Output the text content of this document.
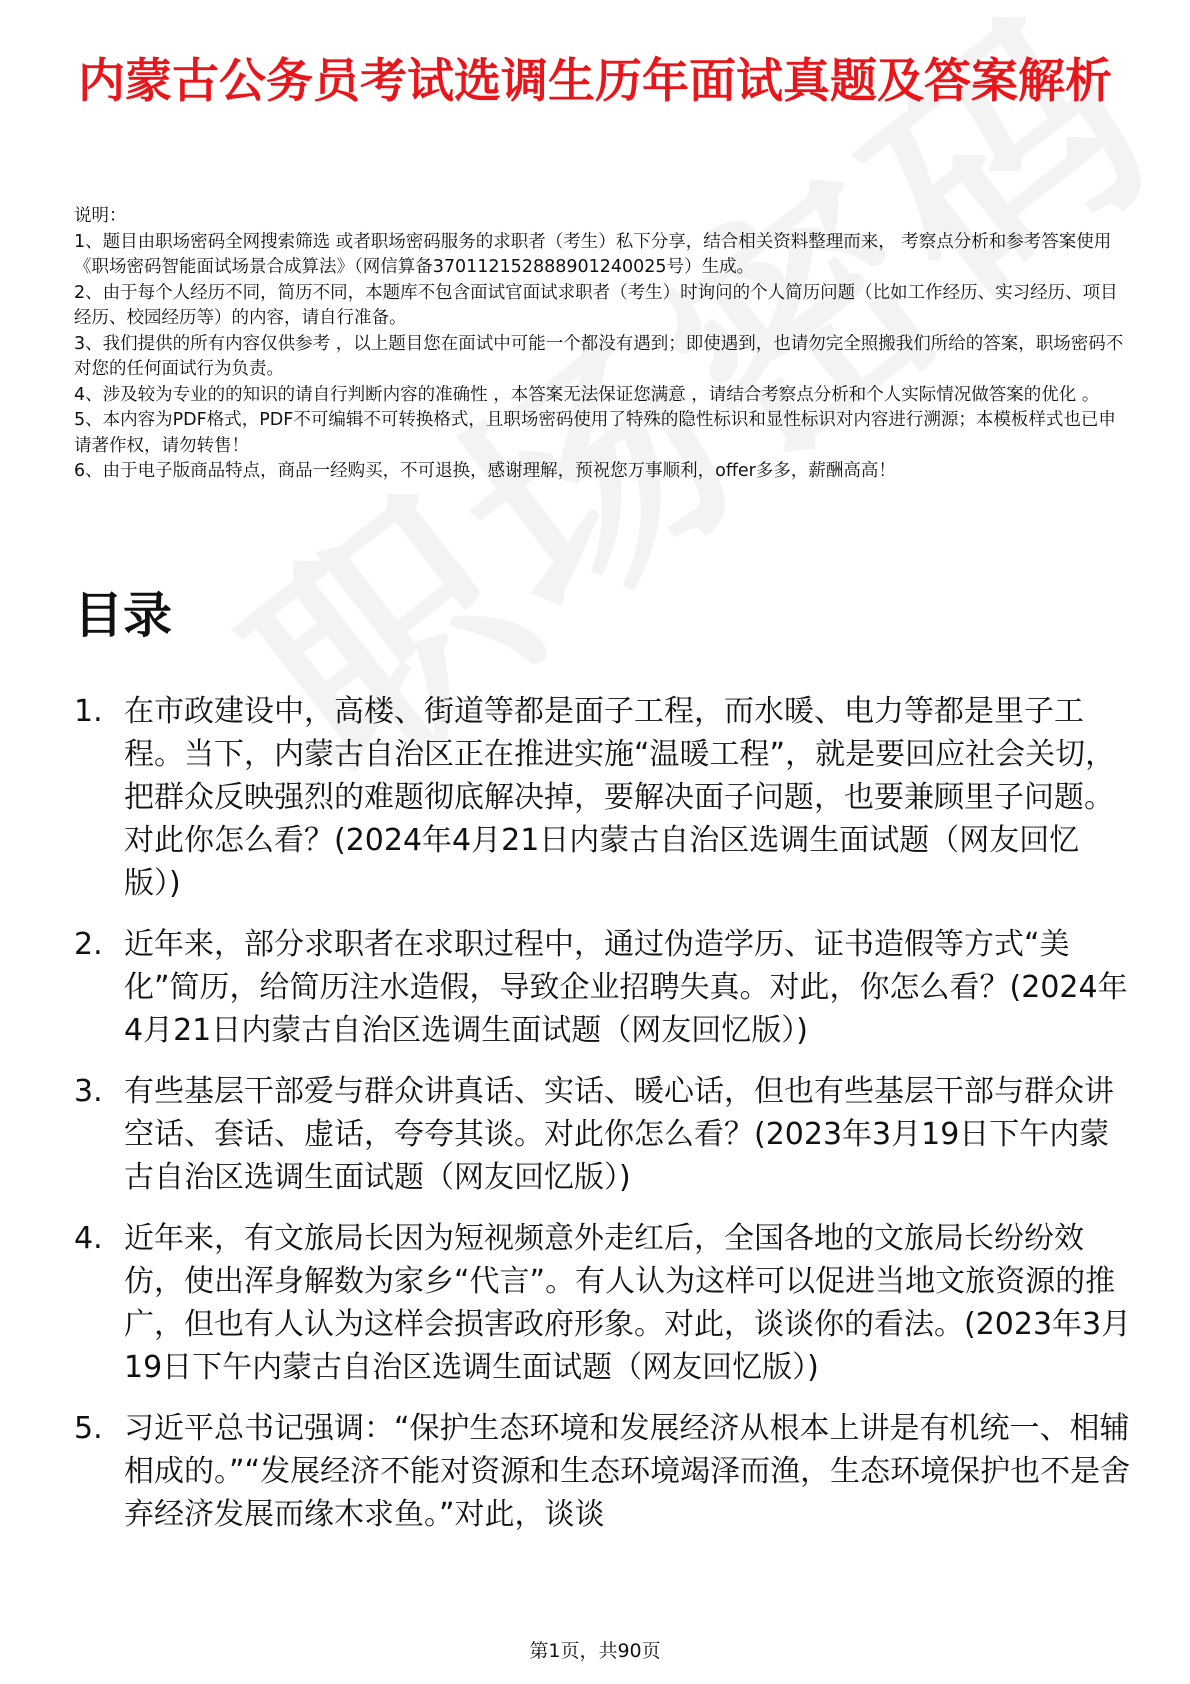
内蒙古公务员考试选调生历年面试真题及答案解析

说明：

1、题目由职场密码全网搜索筛选 或者职场密码服务的求职者（考生）私下分享，结合相关资料整理而来， 考察点分析和参考答案使用《职场密码智能面试场景合成算法》（网信算备370112152888901240025号）生成。

2、由于每个人经历不同，简历不同，本题库不包含面试官面试求职者（考生）时询问的个人简历问题（比如工作经历、实习经历、项目经历、校园经历等）的内容，请自行准备。

3、我们提供的所有内容仅供参考 ，以上题目您在面试中可能一个都没有遇到；即使遇到，也请勿完全照搬我们所给的答案，职场密码不对您的任何面试行为负责。

4、涉及较为专业的的知识的请自行判断内容的准确性 ，本答案无法保证您满意 ，请结合考察点分析和个人实际情况做答案的优化 。

5、本内容为PDF格式，PDF不可编辑不可转换格式，且职场密码使用了特殊的隐性标识和显性标识对内容进行溯源；本模板样式也已申请著作权，请勿转售！

6、由于电子版商品特点，商品一经购买，不可退换，感谢理解，预祝您万事顺利，offer多多，薪酬高高！

目录
1. 在市政建设中，高楼、街道等都是面子工程，而水暖、电力等都是里子工程。当下，内蒙古自治区正在推进实施“温暖工程”，就是要回应社会关切，把群众反映强烈的难题彻底解决掉，要解决面子问题，也要兼顾里子问题。对此你怎么看？(2024年4月21日内蒙古自治区选调生面试题（网友回忆版）)
2. 近年来，部分求职者在求职过程中，通过伪造学历、证书造假等方式“美化”简历，给简历注水造假，导致企业招聘失真。对此，你怎么看？(2024年4月21日内蒙古自治区选调生面试题（网友回忆版）)
3. 有些基层干部爱与群众讲真话、实话、暖心话，但也有些基层干部与群众讲空话、套话、虚话，夸夸其谈。对此你怎么看？(2023年3月19日下午内蒙古自治区选调生面试题（网友回忆版）)
4. 近年来，有文旅局长因为短视频意外走红后，全国各地的文旅局长纷纷效仿，使出浑身解数为家乡“代言”。有人认为这样可以促进当地文旅资源的推广，但也有人认为这样会损害政府形象。对此，谈谈你的看法。(2023年3月19日下午内蒙古自治区选调生面试题（网友回忆版）)
5. 习近平总书记强调：“保护生态环境和发展经济从根本上讲是有机统一、相辅相成的。”“发展经济不能对资源和生态环境竭泽而渔，生态环境保护也不是舍弃经济发展而缘木求鱼。”对此，谈谈
第1页，共90页
